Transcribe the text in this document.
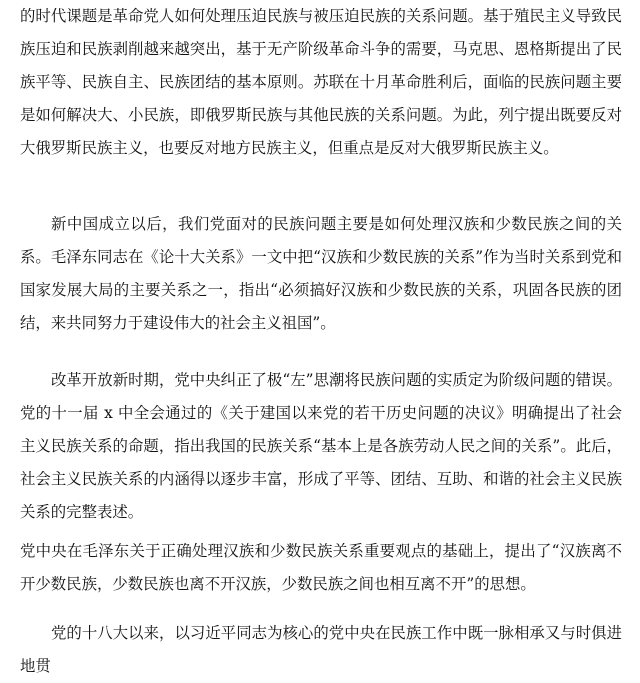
的时代课题是革命党人如何处理压迫民族与被压迫民族的关系问题。基于殖民主义导致民族压迫和民族剥削越来越突出，基于无产阶级革命斗争的需要，马克思、恩格斯提出了民族平等、民族自主、民族团结的基本原则。苏联在十月革命胜利后，面临的民族问题主要是如何解决大、小民族，即俄罗斯民族与其他民族的关系问题。为此，列宁提出既要反对大俄罗斯民族主义，也要反对地方民族主义，但重点是反对大俄罗斯民族主义。

新中国成立以后，我们党面对的民族问题主要是如何处理汉族和少数民族之间的关系。毛泽东同志在《论十大关系》一文中把“汉族和少数民族的关系”作为当时关系到党和国家发展大局的主要关系之一，指出“必须搞好汉族和少数民族的关系，巩固各民族的团结，来共同努力于建设伟大的社会主义祖国”。

改革开放新时期，党中央纠正了极“左”思潮将民族问题的实质定为阶级问题的错误。党的十一届 x 中全会通过的《关于建国以来党的若干历史问题的决议》明确提出了社会主义民族关系的命题，指出我国的民族关系“基本上是各族劳动人民之间的关系”。此后，社会主义民族关系的内涵得以逐步丰富，形成了平等、团结、互助、和谐的社会主义民族关系的完整表述。

党中央在毛泽东关于正确处理汉族和少数民族关系重要观点的基础上，提出了“汉族离不开少数民族，少数民族也离不开汉族，少数民族之间也相互离不开”的思想。

党的十八大以来，以习近平同志为核心的党中央在民族工作中既一脉相承又与时俱进地贯
